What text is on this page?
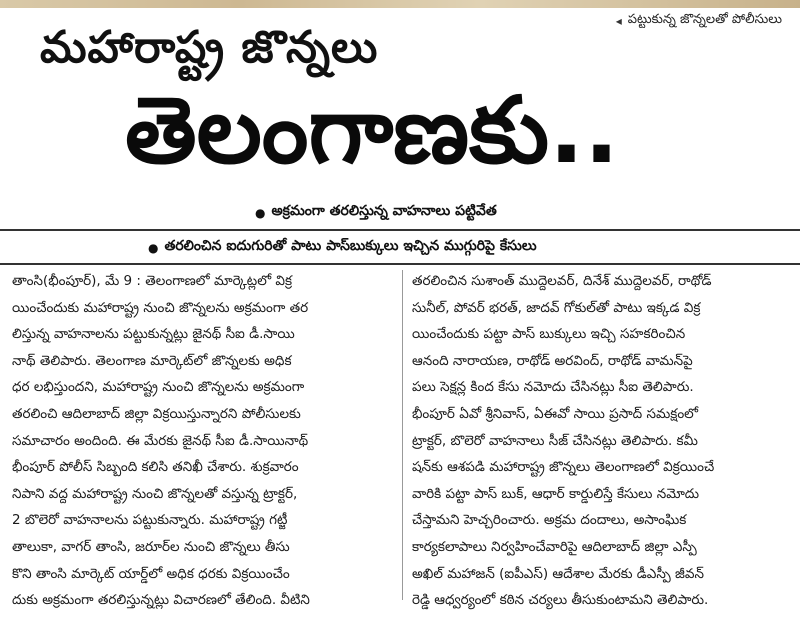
◂ పట్టుకున్న జొన్నలతో పోలీసులు
మహారాష్ట్ర జొన్నలు
తెలంగాణకు..
● అక్రమంగా తరలిస్తున్న వాహనాలు పట్టివేత
● తరలించిన ఐదుగురితో పాటు పాస్‌బుక్కులు ఇచ్చిన ముగ్గురిపై కేసులు
తాంసి(భీంపూర్), మే 9 : తెలంగాణలో మార్కెట్లలో విక్ర
యించేందుకు మహారాష్ట్ర నుంచి జొన్నలను అక్రమంగా తర
లిస్తున్న వాహనాలను పట్టుకున్నట్లు జైనథ్ సీఐ డీ.సాయి
నాథ్ తెలిపారు. తెలంగాణ మార్కెట్‌లో జొన్నలకు అధిక
ధర లభిస్తుందని, మహారాష్ట్ర నుంచి జొన్నలను అక్రమంగా
తరలించి ఆదిలాబాద్ జిల్లా విక్రయిస్తున్నారని పోలీసులకు
సమాచారం అందింది. ఈ మేరకు జైనథ్ సీఐ డీ.సాయినాథ్
భీంపూర్ పోలీస్ సిబ్బంది కలిసి తనిఖీ చేశారు. శుక్రవారం
నిపాని వద్ద మహారాష్ట్ర నుంచి జొన్నలతో వస్తున్న ట్రాక్టర్,
2 బొలెరో వాహనాలను పట్టుకున్నారు. మహారాష్ట్ర గట్జీ
తాలుకా, వాగర్ తాంసి, జరూర్‌ల నుంచి జొన్నలు తీసు
కొని తాంసి మార్కెట్ యార్డ్‌లో అధిక ధరకు విక్రయించేం
దుకు అక్రమంగా తరలిస్తున్నట్లు విచారణలో తేలింది. వీటిని
తరలించిన సుశాంత్ ముద్దెలవర్, దినేశ్ ముద్దెలవర్, రాథోడ్
సునీల్, పోవర్ భరత్, జాదవ్ గోకుల్‌తో పాటు ఇక్కడ విక్ర
యించేందుకు పట్టా పాస్ బుక్కులు ఇచ్చి సహకరించిన
ఆనంది నారాయణ, రాథోడ్ అరవింద్, రాథోడ్ వామన్‌పై
పలు సెక్షన్ల కింద కేసు నమోదు చేసినట్లు సీఐ తెలిపారు.
భీంపూర్ ఏవో శ్రీనివాస్, ఏఈవో సాయి ప్రసాద్ సమక్షంలో
ట్రాక్టర్, బొలెరో వాహనాలు సీజ్ చేసినట్లు తెలిపారు. కమీ
షన్‌కు ఆశపడి మహారాష్ట్ర జొన్నలు తెలంగాణలో విక్రయించే
వారికి పట్టా పాస్ బుక్, ఆధార్ కార్డులిస్తే కేసులు నమోదు
చేస్తామని హెచ్చరించారు. అక్రమ దందాలు, అసాంఘిక
కార్యకలాపాలు నిర్వహించేవారిపై ఆదిలాబాద్ జిల్లా ఎస్పీ
అఖిల్ మహాజన్ (ఐపీఎస్) ఆదేశాల మేరకు డీఎస్పీ జీవన్
రెడ్డి ఆధ్వర్యంలో కఠిన చర్యలు తీసుకుంటామని తెలిపారు.
